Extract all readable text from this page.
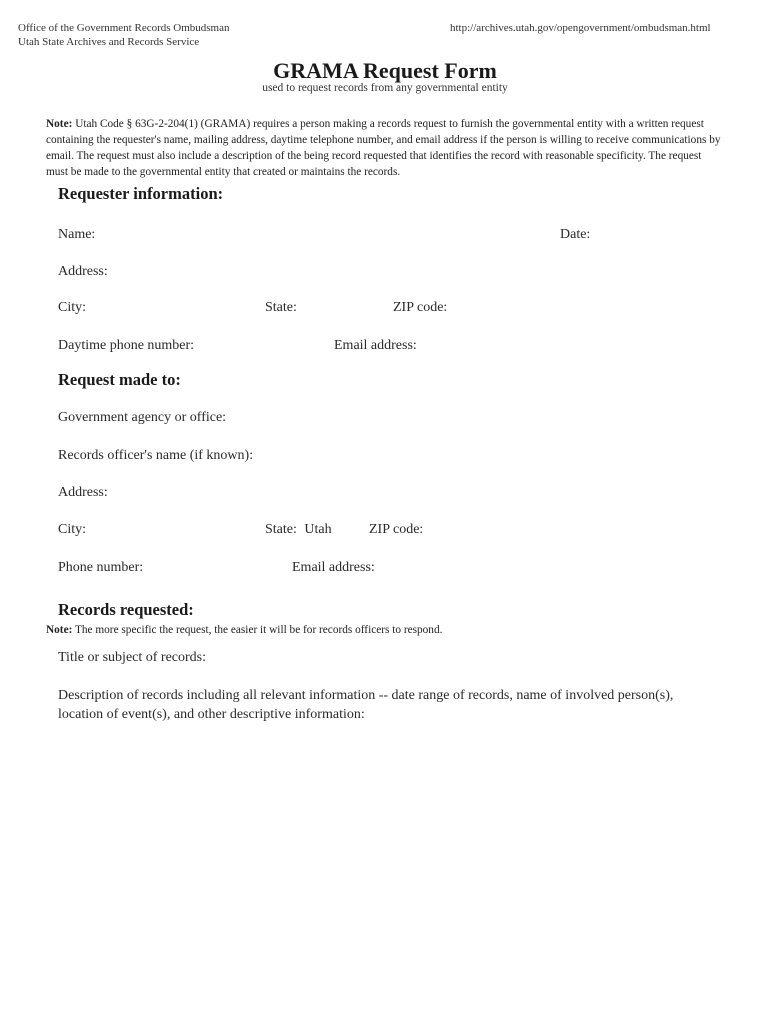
Office of the Government Records Ombudsman
Utah State Archives and Records Service
http://archives.utah.gov/opengovernment/ombudsman.html
GRAMA Request Form
used to request records from any governmental entity
Note: Utah Code § 63G-2-204(1) (GRAMA) requires a person making a records request to furnish the governmental entity with a written request containing the requester's name, mailing address, daytime telephone number, and email address if the person is willing to receive communications by email. The request must also include a description of the being record requested that identifies the record with reasonable specificity. The request must be made to the governmental entity that created or maintains the records.
Requester information:
Name:	Date:
Address:
City:	State:	ZIP code:
Daytime phone number:	Email address:
Request made to:
Government agency or office:
Records officer's name (if known):
Address:
City:	State: Utah	ZIP code:
Phone number:	Email address:
Records requested:
Note: The more specific the request, the easier it will be for records officers to respond.
Title or subject of records:
Description of records including all relevant information -- date range of records, name of involved person(s), location of event(s), and other descriptive information:
